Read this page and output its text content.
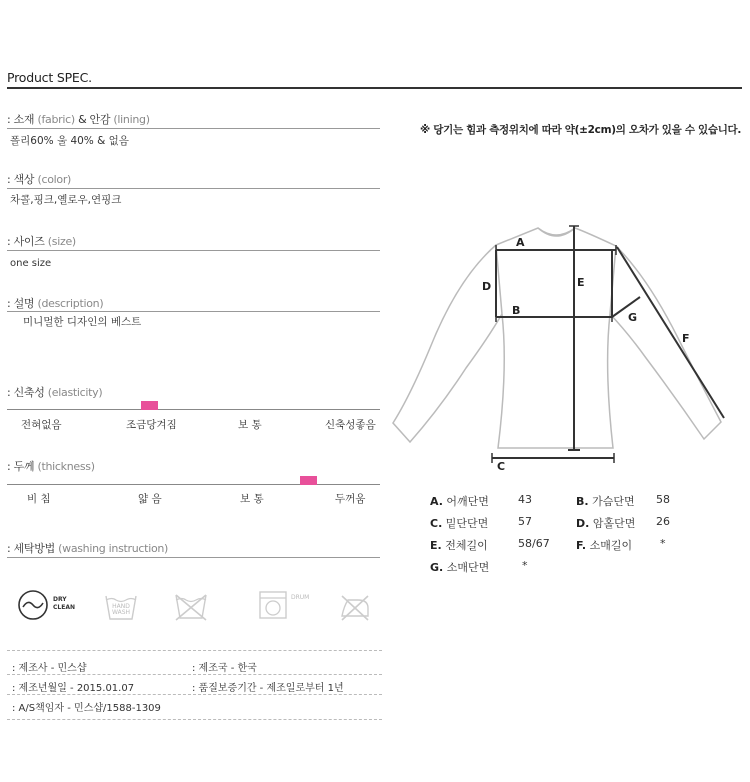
Product SPEC.
: 소재 (fabric) & 안감 (lining)
폴리60% 울 40% & 없음
: 색상 (color)
차콜,핑크,옐로우,연핑크
: 사이즈 (size)
one size
: 설명 (description)
미니멀한 디자인의 베스트
: 신축성 (elasticity)
전혀없음	조금당겨짐	보 통	신축성좋음
: 두께 (thickness)
비 침	얇 음	보 통	두꺼움
: 세탁방법 (washing instruction)
DRY
CLEAN	HAND
WASH
DRUM
: 제조사 - 민스샵	: 제조국 - 한국
: 제조년월일 - 2015.01.07	: 품질보증기간 - 제조일로부터 1년
: A/S책임자 - 민스샵/1588-1309
※ 당기는 힘과 측정위치에 따라 약(±2cm)의 오차가 있을 수 있습니다.
A
B
C
D	E
F
G
A. 어깨단면	43	B. 가슴단면 58
C. 밑단단면	57	D. 암홀단면 26
E. 전체길이	58/67 F. 소매길이	*
G. 소매단면	*
